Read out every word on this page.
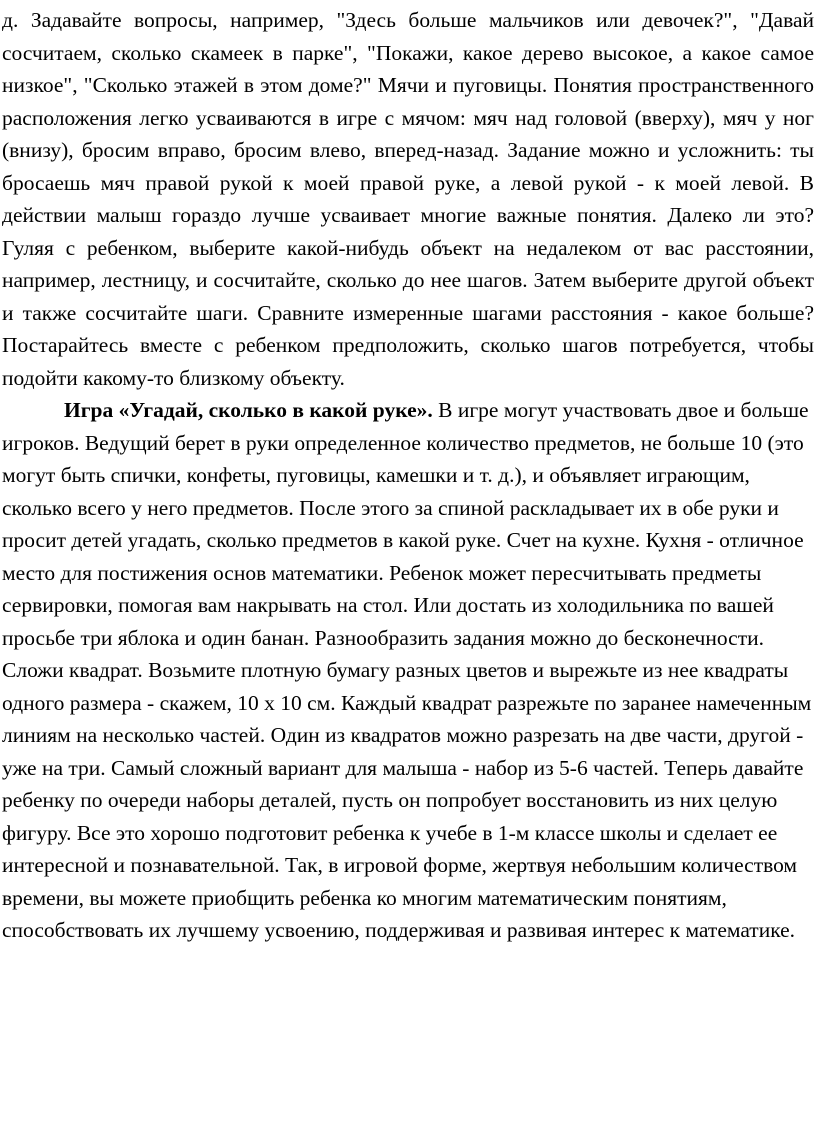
д. Задавайте вопросы, например, "Здесь больше мальчиков или девочек?", "Давай сосчитаем, сколько скамеек в парке", "Покажи, какое дерево высокое, а какое самое низкое", "Сколько этажей в этом доме?" Мячи и пуговицы. Понятия пространственного расположения легко усваиваются в игре с мячом: мяч над головой (вверху), мяч у ног (внизу), бросим вправо, бросим влево, вперед-назад. Задание можно и усложнить: ты бросаешь мяч правой рукой к моей правой руке, а левой рукой - к моей левой. В действии малыш гораздо лучше усваивает многие важные понятия. Далеко ли это? Гуляя с ребенком, выберите какой-нибудь объект на недалеком от вас расстоянии, например, лестницу, и сосчитайте, сколько до нее шагов. Затем выберите другой объект и также сосчитайте шаги. Сравните измеренные шагами расстояния - какое больше? Постарайтесь вместе с ребенком предположить, сколько шагов потребуется, чтобы подойти какому-то близкому объекту.

Игра «Угадай, сколько в какой руке». В игре могут участвовать двое и больше игроков. Ведущий берет в руки определенное количество предметов, не больше 10 (это могут быть спички, конфеты, пуговицы, камешки и т. д.), и объявляет играющим, сколько всего у него предметов. После этого за спиной раскладывает их в обе руки и просит детей угадать, сколько предметов в какой руке. Счет на кухне. Кухня - отличное место для постижения основ математики. Ребенок может пересчитывать предметы сервировки, помогая вам накрывать на стол. Или достать из холодильника по вашей просьбе три яблока и один банан. Разнообразить задания можно до бесконечности. Сложи квадрат. Возьмите плотную бумагу разных цветов и вырежьте из нее квадраты одного размера - скажем, 10 х 10 см. Каждый квадрат разрежьте по заранее намеченным линиям на несколько частей. Один из квадратов можно разрезать на две части, другой - уже на три. Самый сложный вариант для малыша - набор из 5-6 частей. Теперь давайте ребенку по очереди наборы деталей, пусть он попробует восстановить из них целую фигуру. Все это хорошо подготовит ребенка к учебе в 1-м классе школы и сделает ее интересной и познавательной. Так, в игровой форме, жертвуя небольшим количеством времени, вы можете приобщить ребенка ко многим математическим понятиям, способствовать их лучшему усвоению, поддерживая и развивая интерес к математике.
